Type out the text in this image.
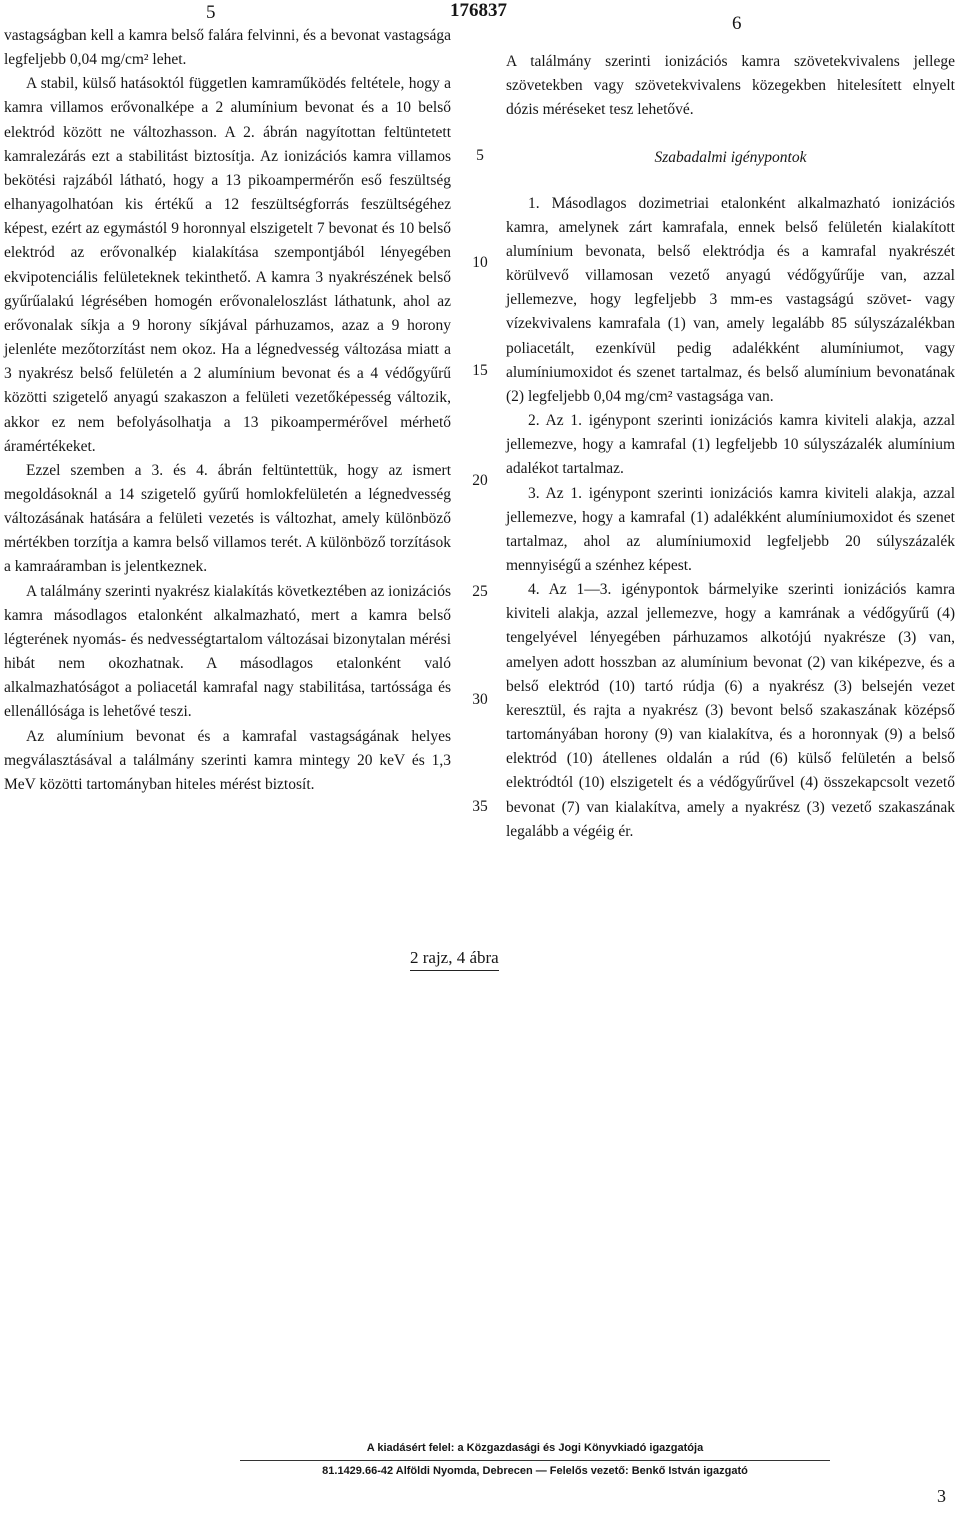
5	176837
6

vastagságban kell a kamra belső falára felvinni, és a bevonat vastagsága legfeljebb 0,04 mg/cm² lehet.

A stabil, külső hatásoktól független kamraműködés feltétele, hogy a kamra villamos erővonalképe a 2 alumínium bevonat és a 10 belső elektród között ne változhasson. A 2. ábrán nagyítottan feltüntetett kamralezárás ezt a stabilitást biztosítja. Az ionizációs kamra villamos bekötési rajzából látható, hogy a 13 pikoampermérőn eső feszültség elhanyagolhatóan kis értékű a 12 feszültségforrás feszültségéhez képest, ezért az egymástól 9 horonnyal elszigetelt 7 bevonat és 10 belső elektród az erővonalkép kialakítása szempontjából lényegében ekvipotenciális felületeknek tekinthető. A kamra 3 nyakrészének belső gyűrűalakú légrésében homogén erővonaleloszlást láthatunk, ahol az erővonalak síkja a 9 horony síkjával párhuzamos, azaz a 9 horony jelenléte mezőtorzítást nem okoz. Ha a légnedvesség változása miatt a 3 nyakrész belső felületén a 2 alumínium bevonat és a 4 védőgyűrű közötti szigetelő anyagú szakaszon a felületi vezetőképesség változik, akkor ez nem befolyásolhatja a 13 pikoampermérővel mérhető áramértékeket.

Ezzel szemben a 3. és 4. ábrán feltüntettük, hogy az ismert megoldásoknál a 14 szigetelő gyűrű homlokfelületén a légnedvesség változásának hatására a felületi vezetés is változhat, amely különböző mértékben torzítja a kamra belső villamos terét. A különböző torzítások a kamraáramban is jelentkeznek.

A találmány szerinti nyakrész kialakítás következtében az ionizációs kamra másodlagos etalonként alkalmazható, mert a kamra belső légterének nyomás- és nedvességtartalom változásai bizonytalan mérési hibát nem okozhatnak. A másodlagos etalonként való alkalmazhatóságot a poliacetál kamrafal nagy stabilitása, tartóssága és ellenállósága is lehetővé teszi.

Az alumínium bevonat és a kamrafal vastagságának helyes megválasztásával a találmány szerinti kamra mintegy 20 keV és 1,3 MeV közötti tartományban hiteles mérést biztosít.

A találmány szerinti ionizációs kamra szövetekvivalens jellege szövetekben vagy szövetekvivalens közegekben hitelesített elnyelt dózis méréseket tesz lehetővé.

Szabadalmi igénypontok

1. Másodlagos dozimetriai etalonként alkalmazható ionizációs kamra, amelynek zárt kamrafala, ennek belső felületén kialakított alumínium bevonata, belső elektródja és a kamrafal nyakrészét körülvevő villamosan vezető anyagú védőgyűrűje van, azzal jellemezve, hogy legfeljebb 3 mm-es vastagságú szövet- vagy vízekvivalens kamrafala (1) van, amely legalább 85 súlyszázalékban poliacetált, ezenkívül pedig adalékként alumíniumot, vagy alumíniumoxidot és szenet tartalmaz, és belső alumínium bevonatának (2) legfeljebb 0,04 mg/cm² vastagsága van.

2. Az 1. igénypont szerinti ionizációs kamra kiviteli alakja, azzal jellemezve, hogy a kamrafal (1) legfeljebb 10 súlyszázalék alumínium adalékot tartalmaz.

3. Az 1. igénypont szerinti ionizációs kamra kiviteli alakja, azzal jellemezve, hogy a kamrafal (1) adalékként alumíniumoxidot és szenet tartalmaz, ahol az alumíniumoxid legfeljebb 20 súlyszázalék mennyiségű a szénhez képest.

4. Az 1—3. igénypontok bármelyike szerinti ionizációs kamra kiviteli alakja, azzal jellemezve, hogy a kamrának a védőgyűrű (4) tengelyével lényegében párhuzamos alkotójú nyakrésze (3) van, amelyen adott hosszban az alumínium bevonat (2) van kiképezve, és a belső elektród (10) tartó rúdja (6) a nyakrész (3) belsején vezet keresztül, és rajta a nyakrész (3) bevont belső szakaszának középső tartományában horony (9) van kialakítva, és a horonnyak (9) a belső elektród (10) átellenes oldalán a rúd (6) külső felületén a belső elektródtól (10) elszigetelt és a védőgyűrűvel (4) összekapcsolt vezető bevonat (7) van kialakítva, amely a nyakrész (3) vezető szakaszának legalább a végéig ér.

5
10
15
20
25
30
35
2 rajz, 4 ábra
A kiadásért felel: a Közgazdasági és Jogi Könyvkiadó igazgatója
81.1429.66-42 Alföldi Nyomda, Debrecen — Felelős vezető: Benkő István igazgató
3
